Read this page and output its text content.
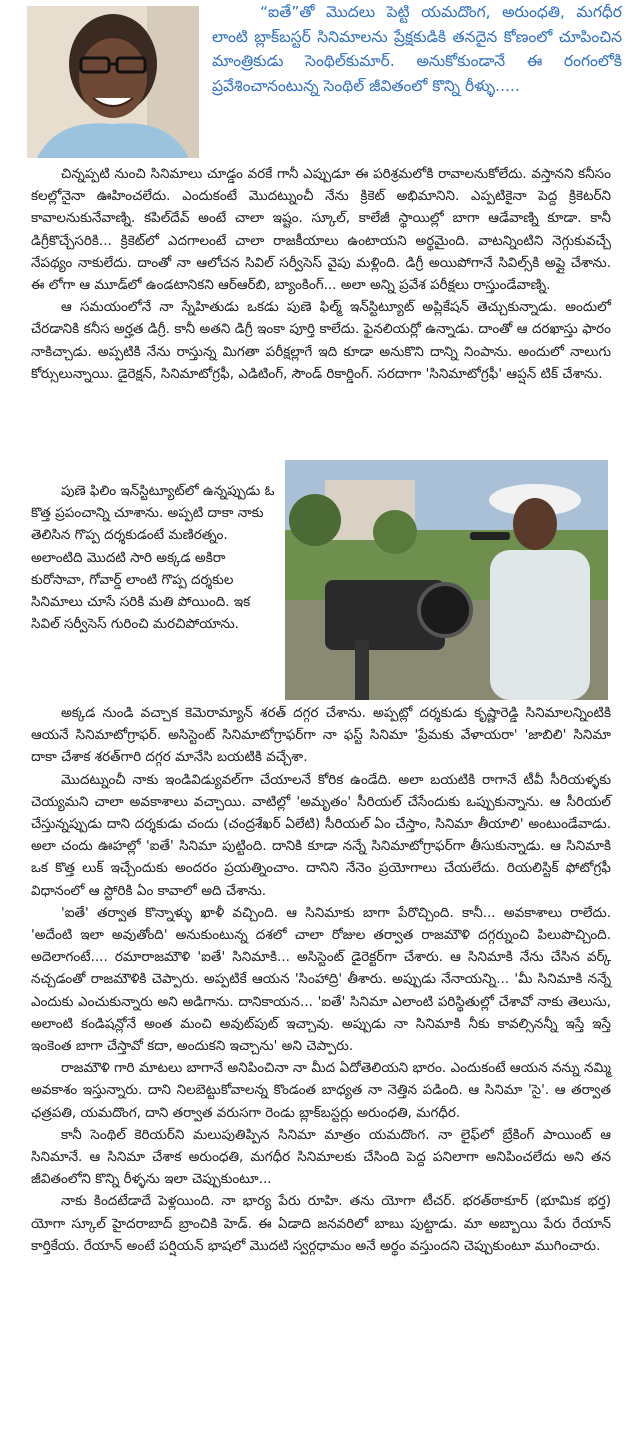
“ఐతే”తో మొదలు పెట్టి యమదొంగ, అరుంధతి, మగధీర లాంటి బ్లాక్‌బస్టర్ సినిమాలను ప్రేక్షకుడికి తనదైన కోణంలో చూపించిన మాంత్రికుడు సెంథిల్‌కుమార్. అనుకోకుండానే ఈ రంగంలోకి ప్రవేశించానంటున్న సెంథిల్ జీవితంలో కొన్ని రీళ్ళు.....

చిన్నప్పటి నుంచి సినిమాలు చూడ్డం వరకే గానీ ఎప్పుడూ ఈ పరిశ్రమలోకి రావాలనుకోలేదు. వస్తానని కనీసం కలల్లోనైనా ఊహించలేదు. ఎందుకంటే మొదట్నుంచీ నేను క్రికెట్ అభిమానిని. ఎప్పటికైనా పెద్ద క్రికెటర్‌ని కావాలనుకునేవాణ్ని. కపిల్‌దేవ్ అంటే చాలా ఇష్టం. స్కూల్, కాలేజీ స్థాయిల్లో బాగా ఆడేవాణ్ని కూడా. కానీ డిగ్రీకొచ్చేసరికి... క్రికెట్‌లో ఎదగాలంటే చాలా రాజకీయాలు ఉంటాయని అర్థమైంది. వాటన్నింటిని నెగ్గుకువచ్చే నేపథ్యం నాకులేదు. దాంతో నా ఆలోచన సివిల్ సర్వీసెస్ వైపు మళ్లింది. డిగ్రీ అయిపోగానే సివిల్స్‌కి అప్లై చేశాను. ఈ లోగా ఆ మూడ్‌లో ఉండటానికని ఆర్‌ఆర్‌బి, బ్యాంకింగ్... అలా అన్ని ప్రవేశ పరీక్షలు రాస్తుండేవాణ్ని.

ఆ సమయంలోనే నా స్నేహితుడు ఒకడు పుణె ఫిల్మ్ ఇన్‌స్టిట్యూట్ అప్లికేషన్ తెచ్చుకున్నాడు. అందులో చేరడానికి కనీస అర్హత డిగ్రీ. కానీ అతని డిగ్రీ ఇంకా పూర్తి కాలేదు. ఫైనలియర్లో ఉన్నాడు. దాంతో ఆ దరఖాస్తు ఫారం నాకిచ్చాడు. అప్పటికి నేను రాస్తున్న మిగతా పరీక్షల్లాగే ఇది కూడా అనుకొని దాన్ని నింపాను. అందులో నాలుగు కోర్సులున్నాయి. డైరెక్షన్, సినిమాటోగ్రఫీ, ఎడిటింగ్, సౌండ్ రికార్డింగ్. సరదాగా 'సినిమాటోగ్రఫీ' ఆప్షన్ టిక్ చేశాను.

పుణె ఫిలిం ఇన్‌స్టిట్యూట్‌లో ఉన్నప్పుడు ఓ కొత్త ప్రపంచాన్ని చూశాను. అప్పటి దాకా నాకు తెలిసిన గొప్ప దర్శకుడంటే మణిరత్నం. అలాంటిది మొదటి సారి అక్కడ అకిరా కురోసావా, గోవార్డ్ లాంటి గొప్ప దర్శకుల సినిమాలు చూసే సరికి మతి పోయింది. ఇక సివిల్ సర్వీసెస్ గురించి మరచిపోయాను.

అక్కడ నుండి వచ్చాక కెమెరామ్యాన్ శరత్ దగ్గర చేశాను. అప్పట్లో దర్శకుడు కృష్ణారెడ్డి సినిమాలన్నింటికి ఆయనే సినిమాటోగ్రాఫర్. అసిస్టెంట్ సినిమాటోగ్రాఫర్‌గా నా ఫస్ట్ సినిమా 'ప్రేమకు వేళాయరా' 'జాబిలి' సినిమా దాకా చేశాక శరత్‌గారి దగ్గర మానేసి బయటికి వచ్చేశా.

మొదట్నుంచీ నాకు ఇండివిడ్యువల్‌గా చేయాలనే కోరిక ఉండేది. అలా బయటికి రాగానే టీవీ సీరియళ్ళకు చెయ్యమని చాలా అవకాశాలు వచ్చాయి. వాటిల్లో 'అమృతం' సీరియల్ చేసేందుకు ఒప్పుకున్నాను. ఆ సీరియల్ చేస్తున్నప్పుడు దాని దర్శకుడు చందు (చంద్రశేఖర్ ఏలేటి) సీరియల్ ఏం చేస్తాం, సినిమా తీయాలి' అంటుండేవాడు. అలా చందు ఊహల్లో 'ఐతే' సినిమా పుట్టింది. దానికి కూడా నన్నే సినిమాటోగ్రాఫర్‌గా తీసుకున్నాడు. ఆ సినిమాకి ఒక కొత్త లుక్ ఇచ్చేందుకు అందరం ప్రయత్నించాం. దానిని నేనెం ప్రయోగాలు చేయలేదు. రియలిస్టిక్ ఫోటోగ్రఫీ విధానంలో ఆ స్టోరికి ఏం కావాలో అది చేశాను.

'ఐతే' తర్వాత కొన్నాళ్ళు ఖాళీ వచ్చింది. ఆ సినిమాకు బాగా పేరొచ్చింది. కానీ... అవకాశాలు రాలేదు. 'అదేంటి ఇలా అవుతోంది' అనుకుంటున్న దశలో చాలా రోజుల తర్వాత రాజమౌళి దగ్గర్నుంచి పిలుపొచ్చింది. అదెలాగంటే.... రమారాజమౌళి 'ఐతే' సినిమాకి... అసిస్టెంట్ డైరెక్టర్‌గా చేశారు. ఆ సినిమాకి నేను చేసిన వర్క్ నచ్చడంతో రాజమౌళికి చెప్పారు. అప్పటికే ఆయన 'సింహాద్రి' తీశారు. అప్పుడు నేనాయన్ని... 'మీ సినిమాకి నన్నే ఎందుకు ఎంచుకున్నారు అని అడిగాను. దానికాయన... 'ఐతే' సినిమా ఎలాంటి పరిస్థితుల్లో చేశావో నాకు తెలుసు, అలాంటి కండిషన్లోనే అంత మంచి అవుట్‌పుట్ ఇచ్చావు. అప్పుడు నా సినిమాకి నీకు కావల్సినన్నీ ఇస్తే ఇస్తే ఇంకెంత బాగా చేస్తావో కదా, అందుకని ఇచ్చాను' అని చెప్పారు.

రాజమౌళి గారి మాటలు బాగానే అనిపించినా నా మీద ఏదోతెలియని భారం. ఎందుకంటే ఆయన నన్ను నమ్మి అవకాశం ఇస్తున్నారు. దాని నిలబెట్టుకోవాలన్న కొండంత బాధ్యత నా నెత్తిన పడింది. ఆ సినిమా 'సై'. ఆ తర్వాత ఛత్రపతి, యమదొంగ, దాని తర్వాత వరుసగా రెండు బ్లాక్‌బస్టర్లు అరుంధతి, మగధీర.

కానీ సెంథిల్ కెరియర్‌ని మలుపుతిప్పిన సినిమా మాత్రం యమదొంగ. నా లైఫ్‌లో బ్రేకింగ్ పాయింట్ ఆ సినిమానే. ఆ సినిమా చేశాక అరుంధతి, మగధీర సినిమాలకు చేసింది పెద్ద పనిలాగా అనిపించలేదు అని తన జీవితంలోని కొన్ని రీళ్ళను ఇలా చెప్పుకుంటూ...

నాకు కిందటేడాదే పెళ్లయింది. నా భార్య పేరు రూహి. తను యోగా టీచర్. భరత్‌ఠాకూర్ (భూమిక భర్త) యోగా స్కూల్ హైదరాబాద్ బ్రాంచికి హెడ్. ఈ ఏడాది జనవరిలో బాబు పుట్టాడు. మా అబ్బాయి పేరు రేయాన్ కార్తికేయ. రేయాన్ అంటే పర్షియన్ భాషలో మొదటి స్వర్గధామం అనే అర్థం వస్తుందని చెప్పుకుంటూ ముగించారు.
